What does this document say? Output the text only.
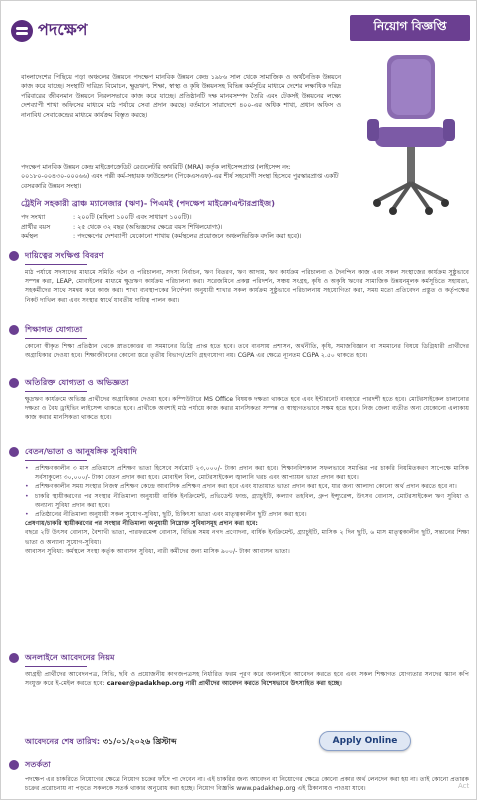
পদক্ষেপ	নিয়োগ বিজ্ঞপ্তি
বাংলাদেশের পিছিয়ে পড়া অঞ্চলের উন্নয়নে পদক্ষেপ মানবিক উন্নয়ন কেন্দ্র ১৯৮৬ সাল থেকে সামাজিক ও অর্থনৈতিক উন্নয়নে কাজ করে যাচ্ছে। সংস্থাটি দারিদ্র্য বিমোচন, ক্ষুদ্রঋণ, শিক্ষা, স্বাস্থ্য ও কৃষি উন্নয়নসহ বিভিন্ন কর্মসূচির মাধ্যমে দেশের লক্ষাধিক দরিদ্র পরিবারের জীবনমান উন্নয়নে নিরলসভাবে কাজ করে যাচ্ছে। প্রতিষ্ঠানটি দক্ষ মানবসম্পদ তৈরি এবং টেকসই উন্নয়নের লক্ষ্যে দেশব্যাপী শাখা অফিসের মাধ্যমে মাঠ পর্যায়ে সেবা প্রদান করছে। বর্তমানে সারাদেশে ৪০০-এর অধিক শাখা, প্রধান অফিস ও নানাবিধ সেবাকেন্দ্রের মাধ্যমে কার্যক্রম বিস্তৃত করছে।
পদক্ষেপ মানবিক উন্নয়ন কেন্দ্র মাইক্রোক্রেডিট রেগুলেটরি অথরিটি (MRA) কর্তৃক লাইসেন্সপ্রাপ্ত (লাইসেন্স নং: ০০১৮০-০০৪৩০-০০০৬৬) এবং পল্লী কর্ম-সহায়ক ফাউন্ডেশন (পিকেএসএফ)-এর শীর্ষ সহযোগী সংস্থা হিসেবে পুরস্কারপ্রাপ্ত একটি বেসরকারি উন্নয়ন সংস্থা।
ট্রেইনি সহকারী ব্রাঞ্চ ম্যানেজার (ঋণ)- পিএমই (পদক্ষেপ মাইক্রোএন্টারপ্রাইজ)
পদ সংখ্যা	: ২০০টি (মহিলা ১০০টি এবং সাধারণ ১০০টি)।
প্রার্থীর বয়স	: ২৫ থেকে ৩২ বছর (অভিজ্ঞদের ক্ষেত্রে বয়স শিথিলযোগ্য)।
কর্মস্থল	: পদক্ষেপের দেশব্যাপী যেকোনো শাখায় (কর্মস্থলের প্রয়োজনে অঞ্চলভিত্তিক বদলি করা হবে)।
দায়িত্বের সংক্ষিপ্ত বিবরণ
মাঠ পর্যায়ে সদস্যদের মাধ্যমে সমিতি গঠন ও পরিচালনা, সদস্য নির্বাচন, ঋণ বিতরণ, ঋণ আদায়, ঋণ কার্যক্রম পরিচালনা ও দৈনন্দিন কাজ এবং সকল সংস্থাজের কার্যক্রম সুষ্ঠুভাবে সম্পন্ন করা, LEAP, মোবাইলের মাধ্যমে ক্ষুদ্রঋণ কার্যক্রম পরিচালনা করা। সরেজমিনে প্রকল্প পরিদর্শন, সঞ্চয় সংগ্রহ, কৃষি ও অকৃষি ঋণের সামাজিক উন্নয়নমূলক কর্মসূচিতে সহায়তা, সহকর্মীদের সাথে সমন্বয় করে কাজ করা। শাখা ব্যবস্থাপকের নির্দেশনা অনুযায়ী শাখার সকল কার্যক্রম সুষ্ঠুভাবে পরিচালনায় সহযোগিতা করা, সময় মতো প্রতিবেদন প্রস্তুত ও কর্তৃপক্ষের নিকট দাখিল করা এবং সংস্থার স্বার্থে যাবতীয় দায়িত্ব পালন করা।
শিক্ষাগত যোগ্যতা
কোনো স্বীকৃত শিক্ষা প্রতিষ্ঠান থেকে স্নাতকোত্তর বা সমমানের ডিগ্রি প্রাপ্ত হতে হবে। তবে ব্যবসায় প্রশাসন, অর্থনীতি, কৃষি, সমাজবিজ্ঞান বা সমমানের বিষয়ে ডিগ্রিধারী প্রার্থীদের অগ্রাধিকার দেওয়া হবে। শিক্ষাজীবনের কোনো স্তরে তৃতীয় বিভাগ/শ্রেণি গ্রহণযোগ্য নয়। CGPA এর ক্ষেত্রে ন্যূনতম CGPA ২.৫০ থাকতে হবে।
অতিরিক্ত যোগ্যতা ও অভিজ্ঞতা
ক্ষুদ্রঋণ কার্যক্রমে অভিজ্ঞ প্রার্থীদের অগ্রাধিকার দেওয়া হবে। কম্পিউটারে MS Office বিষয়ক দক্ষতা থাকতে হবে এবং ইন্টারনেট ব্যবহারে পারদর্শী হতে হবে। মোটরসাইকেল চালানোর দক্ষতা ও বৈধ ড্রাইভিং লাইসেন্স থাকতে হবে। প্রার্থীকে অবশ্যই মাঠ পর্যায়ে কাজ করার মানসিকতা সম্পন্ন ও স্বাস্থ্যগতভাবে সক্ষম হতে হবে। নিজ জেলা ব্যতীত অন্য যেকোনো এলাকায় কাজ করার মানসিকতা থাকতে হবে।
বেতন/ভাতা ও আনুষঙ্গিক সুবিধাদি
•	প্রশিক্ষণকালীন ৩ মাস প্রতিমাসে প্রশিক্ষণ ভাতা হিসেবে সর্বমোট ২৩,০০০/- টাকা প্রদান করা হবে। শিক্ষানবিশকাল সফলভাবে সমাপ্তির পর চাকরি নিয়মিতকরণ সাপেক্ষে মাসিক সর্বসাকুল্যে ৩০,০০০/- টাকা বেতন প্রদান করা হবে। মোবাইল বিল, মোটরসাইকেল জ্বালানি খরচ এবং আপ্যায়ন ভাতা প্রদান করা হবে।
•	প্রশিক্ষণকালীন সময় সংস্থার নিজস্ব প্রশিক্ষণ কেন্দ্রে আবাসিক প্রশিক্ষণ প্রদান করা হবে এবং যাতায়াত ভাতা প্রদান করা হবে, যার জন্য আলাদা কোনো অর্থ প্রদান করতে হবে না।
•	চাকরি স্থায়ীকরণের পর সংস্থার নীতিমালা অনুযায়ী বার্ষিক ইনক্রিমেন্ট, প্রভিডেন্ট ফান্ড, গ্র্যাচুইটি, কল্যাণ তহবিল, গ্রুপ ইন্স্যুরেন্স, উৎসব বোনাস, মোটরসাইকেল ঋণ সুবিধা ও অন্যান্য সুবিধা প্রদান করা হবে।
•	প্রতিষ্ঠানের নীতিমালা অনুযায়ী সকল সুযোগ-সুবিধা, ছুটি, চিকিৎসা ভাতা এবং মাতৃত্বকালীন ছুটি প্রদান করা হবে।
প্রেষণায়/চাকরি স্থায়ীকরণের পর সংস্থার নীতিমালা অনুযায়ী নিম্নোক্ত সুবিধাসমূহ প্রদান করা হবে:
বছরে ২টি উৎসব বোনাস, বৈশাখী ভাতা, পারফরমেন্স বোনাস, বিভিন্ন সময় নগদ প্রণোদনা, বার্ষিক ইনক্রিমেন্ট, গ্র্যাচুইটি, মাসিক ২ দিন ছুটি, ৬ মাস মাতৃত্বকালীন ছুটি, সন্তানের শিক্ষা ভাতা ও অন্যান্য সুযোগ-সুবিধা।
আবাসন সুবিধা: কর্মস্থলে সংস্থা কর্তৃক আবাসন সুবিধা, নারী কর্মীদের জন্য মাসিক ৯০০/- টাকা আবাসন ভাতা।
অনলাইনে আবেদনের নিয়ম
আগ্রহী প্রার্থীদের আবেদনপত্র, সিভি, ছবি ও প্রয়োজনীয় কাগজপত্রসহ নির্ধারিত ফরম পূরণ করে অনলাইনে আবেদন করতে হবে এবং সকল শিক্ষাগত যোগ্যতার সনদের স্ক্যান কপি সংযুক্ত করে ই-মেইল করতে হবে: career@padakhep.org নারী প্রার্থীদের আবেদন করতে বিশেষভাবে উৎসাহিত করা হচ্ছে।
আবেদনের শেষ তারিখ: ৩১/০১/২০২৬ খ্রিস্টাব্দ	Apply Online
সতর্কতা
পদক্ষেপ এর চাকরিতে নিয়োগের ক্ষেত্রে নিয়োগ চক্রের ফাঁদে পা দেবেন না। এই চাকরির জন্য আবেদন বা নিয়োগের ক্ষেত্রে কোনো প্রকার অর্থ লেনদেন করা হয় না। তাই কোনো প্রতারক চক্রের প্ররোচনায় না পড়তে সকলকে সতর্ক থাকার অনুরোধ করা হচ্ছে। নিয়োগ বিজ্ঞপ্তি www.padakhep.org এই ঠিকানায়ও পাওয়া যাবে।	Act
